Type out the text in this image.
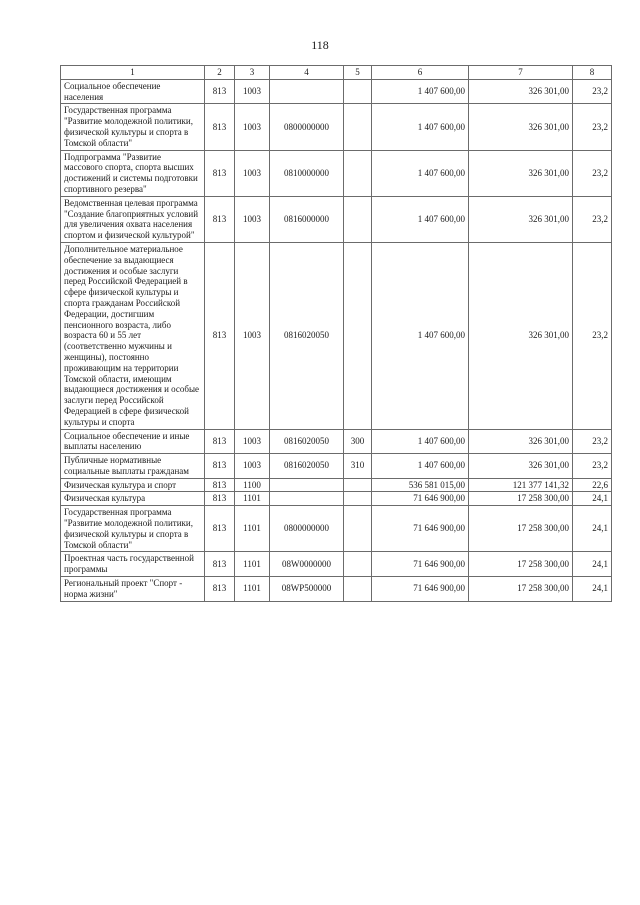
118
1	2	3	4	5	6	7	8
Социальное обеспечение населения	813	1003			1 407 600,00	326 301,00	23,2
Государственная программа "Развитие молодежной политики, физической культуры и спорта в Томской области"	813	1003	0800000000		1 407 600,00	326 301,00	23,2
Подпрограмма "Развитие массового спорта, спорта высших достижений и системы подготовки спортивного резерва"	813	1003	0810000000		1 407 600,00	326 301,00	23,2
Ведомственная целевая программа "Создание благоприятных условий для увеличения охвата населения спортом и физической культурой"	813	1003	0816000000		1 407 600,00	326 301,00	23,2
Дополнительное материальное обеспечение за выдающиеся достижения и особые заслуги перед Российской Федерацией в сфере физической культуры и спорта гражданам Российской Федерации, достигшим пенсионного возраста, либо возраста 60 и 55 лет (соответственно мужчины и женщины), постоянно проживающим на территории Томской области, имеющим выдающиеся достижения и особые заслуги перед Российской Федерацией в сфере физической культуры и спорта	813	1003	0816020050		1 407 600,00	326 301,00	23,2
Социальное обеспечение и иные выплаты населению	813	1003	0816020050	300	1 407 600,00	326 301,00	23,2
Публичные нормативные социальные выплаты гражданам	813	1003	0816020050	310	1 407 600,00	326 301,00	23,2
Физическая культура и спорт	813	1100			536 581 015,00	121 377 141,32	22,6
Физическая культура	813	1101			71 646 900,00	17 258 300,00	24,1
Государственная программа "Развитие молодежной политики, физической культуры и спорта в Томской области"	813	1101	0800000000		71 646 900,00	17 258 300,00	24,1
Проектная часть государственной программы	813	1101	08W0000000		71 646 900,00	17 258 300,00	24,1
Региональный проект "Спорт - норма жизни"	813	1101	08WP500000		71 646 900,00	17 258 300,00	24,1
